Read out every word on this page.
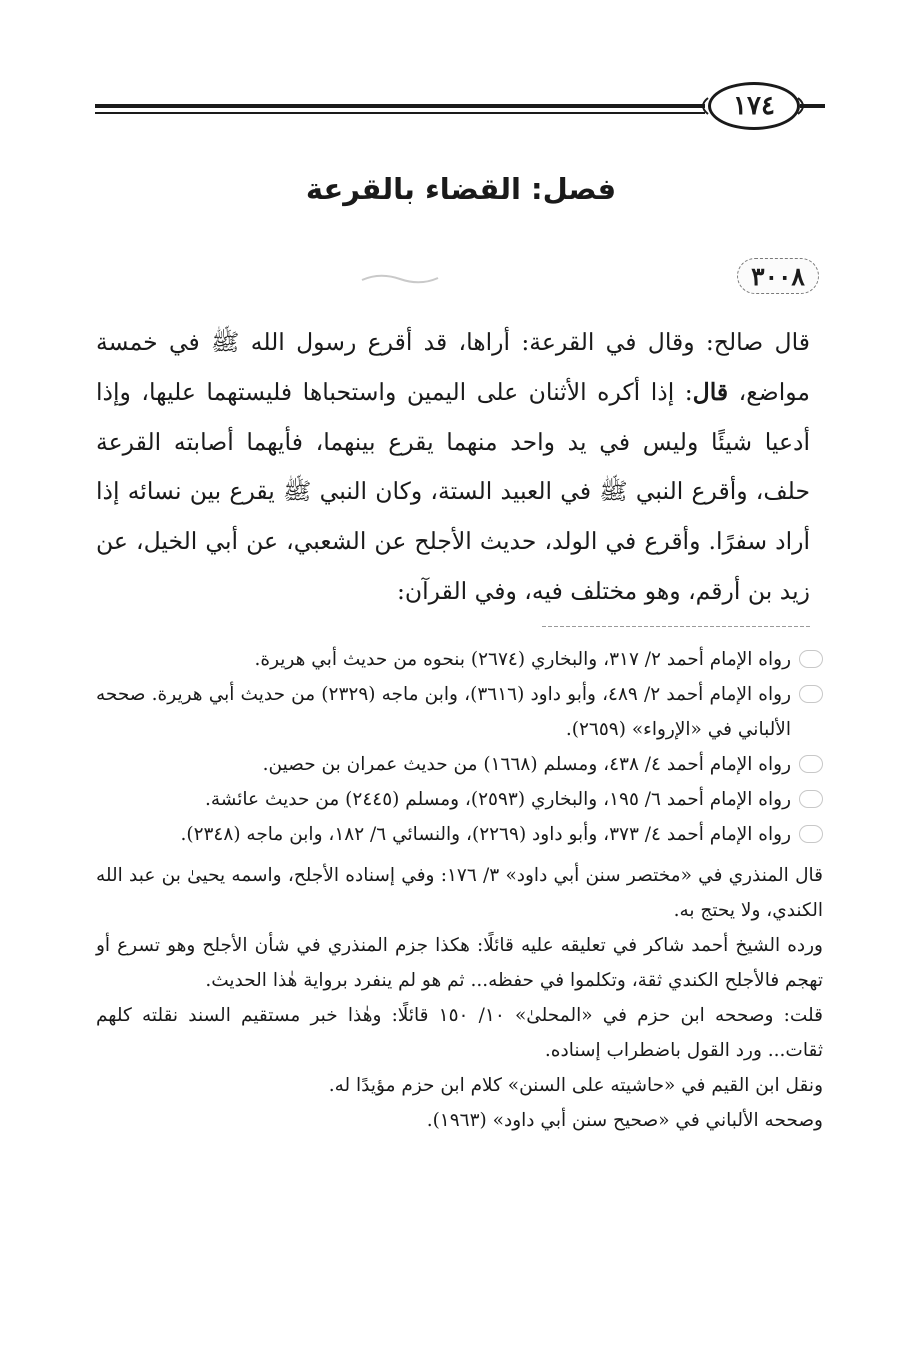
١٧٤
فصل: القضاء بالقرعة
٣٠٠٨

قال صالح: وقال في القرعة: أراها، قد أقرع رسول الله ﷺ في خمسة مواضع، قال: إذا أكره الأثنان على اليمين واستحباها فليستهما عليها، وإذا أدعيا شيئًا وليس في يد واحد منهما يقرع بينهما، فأيهما أصابته القرعة حلف، وأقرع النبي ﷺ في العبيد الستة، وكان النبي ﷺ يقرع بين نسائه إذا أراد سفرًا. وأقرع في الولد، حديث الأجلح عن الشعبي، عن أبي الخيل، عن زيد بن أرقم، وهو مختلف فيه، وفي القرآن:

رواه الإمام أحمد ٢/ ٣١٧، والبخاري (٢٦٧٤) بنحوه من حديث أبي هريرة.
رواه الإمام أحمد ٢/ ٤٨٩، وأبو داود (٣٦١٦)، وابن ماجه (٢٣٢٩) من حديث أبي هريرة. صححه الألباني في «الإرواء» (٢٦٥٩).
رواه الإمام أحمد ٤/ ٤٣٨، ومسلم (١٦٦٨) من حديث عمران بن حصين.
رواه الإمام أحمد ٦/ ١٩٥، والبخاري (٢٥٩٣)، ومسلم (٢٤٤٥) من حديث عائشة.
رواه الإمام أحمد ٤/ ٣٧٣، وأبو داود (٢٢٦٩)، والنسائي ٦/ ١٨٢، وابن ماجه (٢٣٤٨).

قال المنذري في «مختصر سنن أبي داود» ٣/ ١٧٦: وفي إسناده الأجلح، واسمه يحيىٰ بن عبد الله الكندي، ولا يحتج به.

ورده الشيخ أحمد شاكر في تعليقه عليه قائلًا: هكذا جزم المنذري في شأن الأجلح وهو تسرع أو تهجم فالأجلح الكندي ثقة، وتكلموا في حفظه... ثم هو لم ينفرد برواية هٰذا الحديث.

قلت: وصححه ابن حزم في «المحلىٰ» ١٠/ ١٥٠ قائلًا: وهٰذا خبر مستقيم السند نقلته كلهم ثقات... ورد القول باضطراب إسناده.

ونقل ابن القيم في «حاشيته على السنن» كلام ابن حزم مؤيدًا له.

وصححه الألباني في «صحيح سنن أبي داود» (١٩٦٣).
